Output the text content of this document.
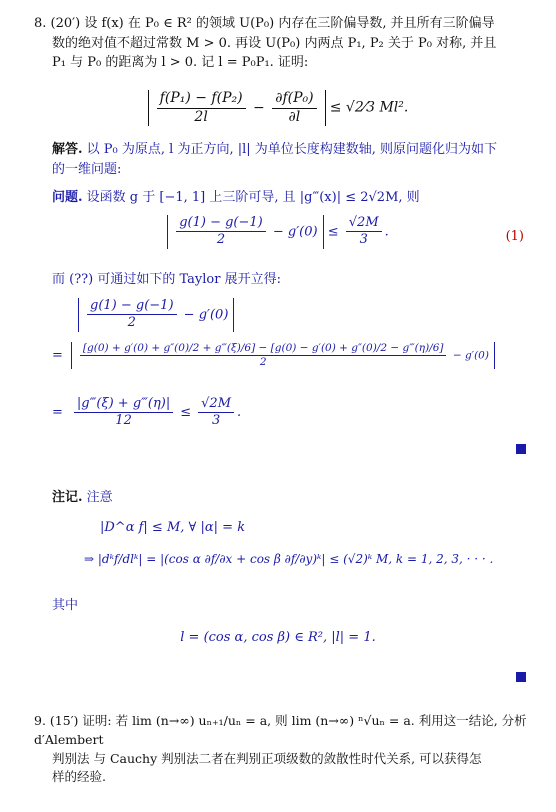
8. (20′) 设 f(x) 在 P₀ ∈ R² 的领域 U(P₀) 内存在三阶偏导数, 并且所有三阶偏导
数的绝对值不超过常数 M > 0. 再设 U(P₀) 内两点 P₁, P₂ 关于 P₀ 对称, 并且
P₁ 与 P₀ 的距离为 l > 0. 记 l = P₀P₁. 证明:
$\frac{\text{f(P₁) − f(P₂)}}{2l} - \frac{\text{∂f(P₀)}}{\partial l}$ ≤ √2⁄3 Ml².
解答. 以 P₀ 为原点, l 为正方向, |l| 为单位长度构建数轴, 则原问题化归为如下
的一维问题:
问题. 设函数 g 于 [−1, 1] 上三阶可导, 且 |g‴(x)| ≤ 2√2M, 则
$\frac{g(1) - g(-1)}{2} - g'(0) \le \frac{√2M}{3}$ .	(1)
而 (??) 可通过如下的 Taylor 展开立得:
$\frac{g(1) - g(-1)}{2} - g'(0)$
= [g(0) + g′(0) + g″(0)/2 + g‴(ξ)/6] − [g(0) − g′(0) + g″(0)/2 − g‴(η)/6]
2
− g′(0)
= $\frac{|g‴(\xi) + g‴(\eta)|}{12} \le \frac{√2M}{3}$ .
注记. 注意
|D^α f| ≤ M, ∀ |α| = k
⇒ |dᵏf/dlᵏ| = |(cos α ∂f/∂x + cos β ∂f/∂y)ᵏ| ≤ (√2)ᵏ M, k = 1, 2, 3, · · · .
其中
l = (cos α, cos β) ∈ R², |l| = 1.
9. (15′) 证明: 若 lim (n→∞) uₙ₊₁/uₙ = a, 则 lim (n→∞) ⁿ√uₙ = a. 利用这一结论, 分析 d′Alembert
判别法 与 Cauchy 判别法二者在判别正项级数的敛散性时代关系, 可以获得怎
样的经验.
